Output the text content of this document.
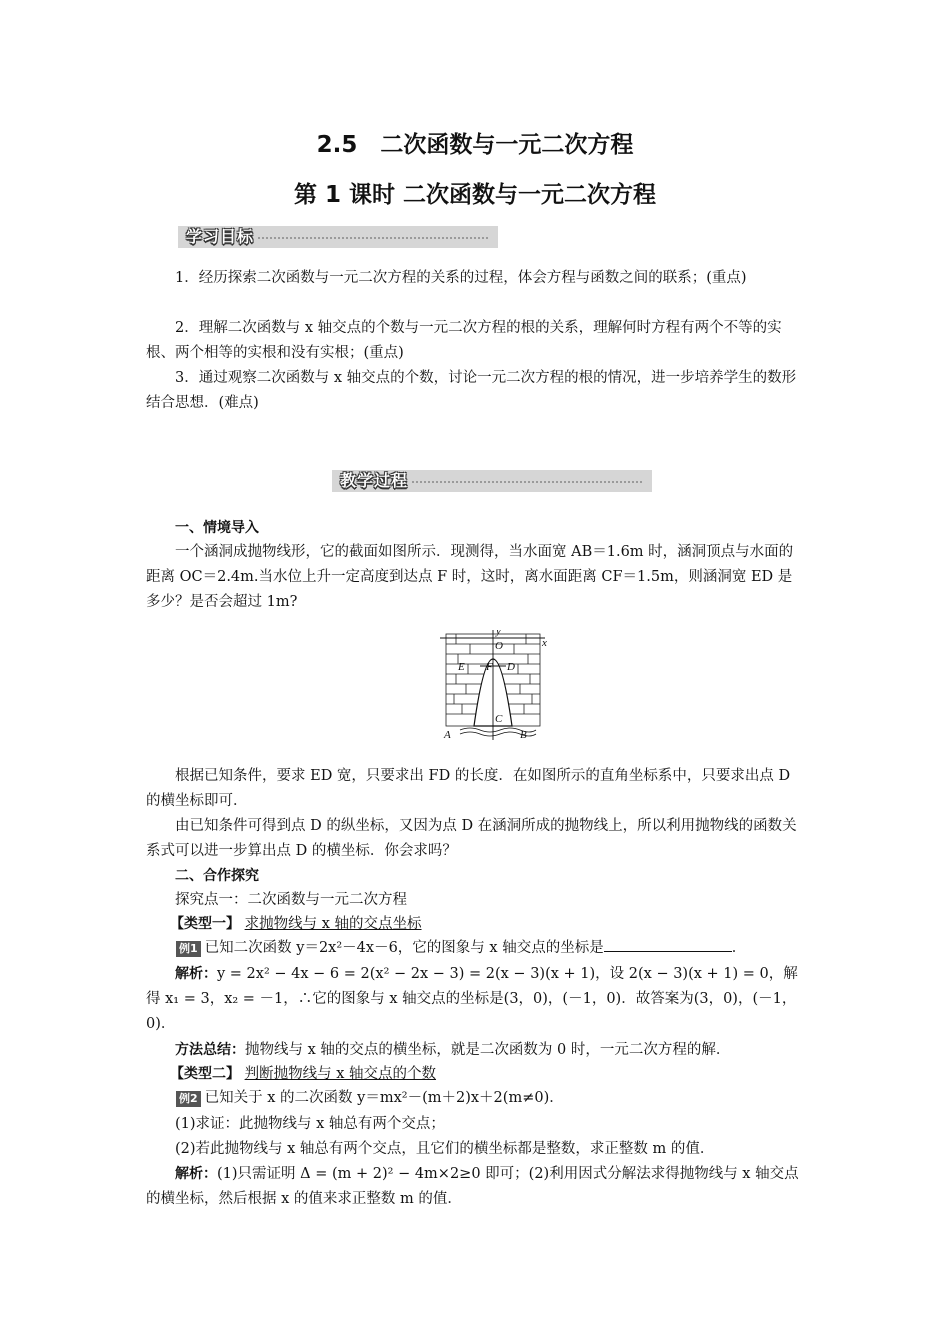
2.5　二次函数与一元二次方程
第 1 课时 二次函数与一元二次方程
学习目标
1．经历探索二次函数与一元二次方程的关系的过程，体会方程与函数之间的联系；(重点)
2．理解二次函数与 x 轴交点的个数与一元二次方程的根的关系，理解何时方程有两个不等的实根、两个相等的实根和没有实根；(重点)
3．通过观察二次函数与 x 轴交点的个数，讨论一元二次方程的根的情况，进一步培养学生的数形结合思想．(难点)
教学过程
一、情境导入
一个涵洞成抛物线形，它的截面如图所示．现测得，当水面宽 AB＝1.6m 时，涵洞顶点与水面的距离 OC＝2.4m.当水位上升一定高度到达点 F 时，这时，离水面距离 CF＝1.5m，则涵洞宽 ED 是多少？是否会超过 1m?
y
x
O
E F D
C
A	B
根据已知条件，要求 ED 宽，只要求出 FD 的长度．在如图所示的直角坐标系中，只要求出点 D 的横坐标即可．
由已知条件可得到点 D 的纵坐标，又因为点 D 在涵洞所成的抛物线上，所以利用抛物线的函数关系式可以进一步算出点 D 的横坐标．你会求吗？
二、合作探究
探究点一：二次函数与一元二次方程
【类型一】 求抛物线与 x 轴的交点坐标
例1 已知二次函数 y＝2x²－4x－6，它的图象与 x 轴交点的坐标是	．
解析：y = 2x² − 4x − 6 = 2(x² − 2x − 3) = 2(x − 3)(x + 1)，设 2(x − 3)(x + 1) = 0，解得 x₁ = 3，x₂ = －1，∴它的图象与 x 轴交点的坐标是(3，0)，(－1，0)．故答案为(3，0)，(－1，0)．
方法总结：抛物线与 x 轴的交点的横坐标，就是二次函数为 0 时，一元二次方程的解．
【类型二】 判断抛物线与 x 轴交点的个数
例2 已知关于 x 的二次函数 y＝mx²－(m＋2)x＋2(m≠0)．
(1)求证：此抛物线与 x 轴总有两个交点；
(2)若此抛物线与 x 轴总有两个交点，且它们的横坐标都是整数，求正整数 m 的值．
解析：(1)只需证明 Δ = (m + 2)² − 4m×2≥0 即可；(2)利用因式分解法求得抛物线与 x 轴交点的横坐标，然后根据 x 的值来求正整数 m 的值．
